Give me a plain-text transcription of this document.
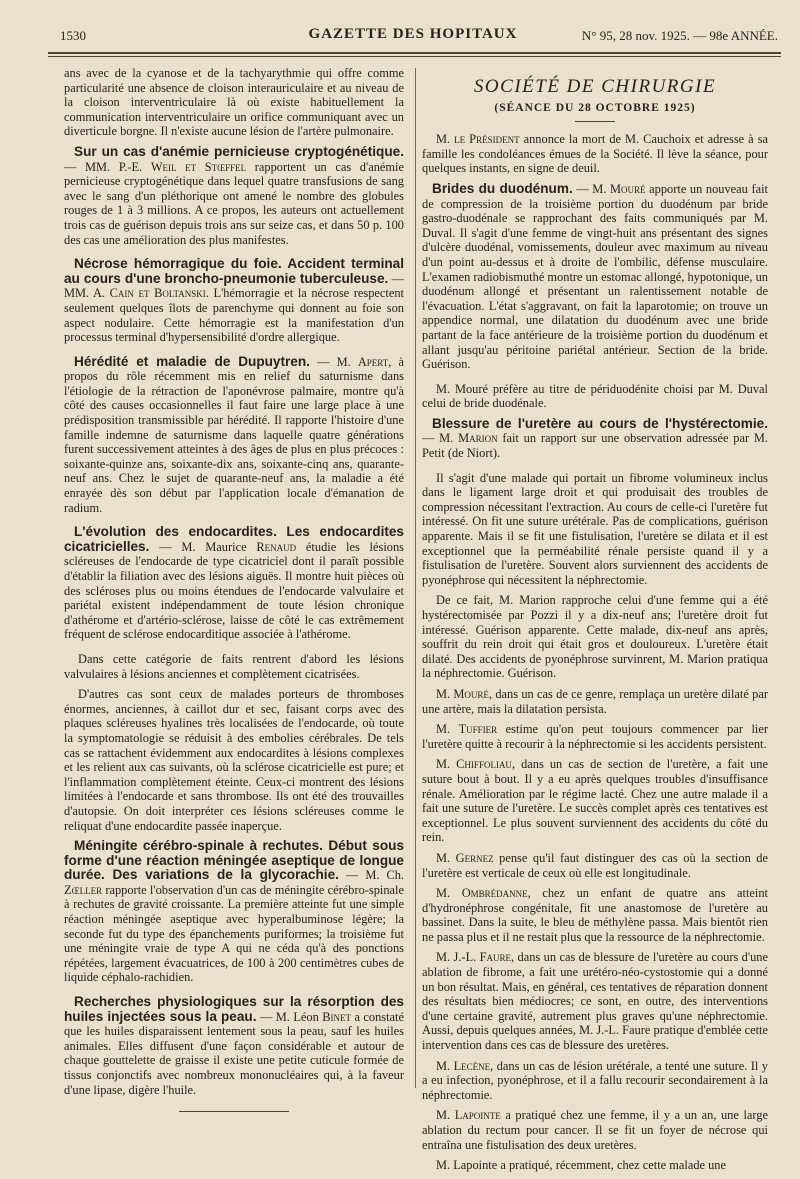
1530	GAZETTE DES HOPITAUX	N° 95, 28 nov. 1925. — 98e ANNÉE.

ans avec de la cyanose et de la tachyarythmie qui offre comme particularité une absence de cloison interauriculaire et au niveau de la cloison interventriculaire là où existe habituellement la communication interventriculaire un orifice communiquant avec un diverticule borgne. Il n'existe aucune lésion de l'artère pulmonaire.

Sur un cas d'anémie pernicieuse cryptogénétique. — MM. P.-E. Weil et Stœffel rapportent un cas d'anémie pernicieuse cryptogénétique dans lequel quatre transfusions de sang avec le sang d'un pléthorique ont amené le nombre des globules rouges de 1 à 3 millions. A ce propos, les auteurs ont actuellement trois cas de guérison depuis trois ans sur seize cas, et dans 50 p. 100 des cas une amélioration des plus manifestes.

Nécrose hémorragique du foie. Accident terminal au cours d'une broncho-pneumonie tuberculeuse. — MM. A. Cain et Boltanski. L'hémorragie et la nécrose respectent seulement quelques îlots de parenchyme qui donnent au foie son aspect nodulaire. Cette hémorragie est la manifestation d'un processus terminal d'hypersensibilité d'ordre allergique.

Hérédité et maladie de Dupuytren. — M. Apert, à propos du rôle récemment mis en relief du saturnisme dans l'étiologie de la rétraction de l'aponévrose palmaire, montre qu'à côté des causes occasionnelles il faut faire une large place à une prédisposition transmissible par hérédité. Il rapporte l'histoire d'une famille indemne de saturnisme dans laquelle quatre générations furent successivement atteintes à des âges de plus en plus précoces : soixante-quinze ans, soixante-dix ans, soixante-cinq ans, quarante-neuf ans. Chez le sujet de quarante-neuf ans, la maladie a été enrayée dès son début par l'application locale d'émanation de radium.

L'évolution des endocardites. Les endocardites cicatricielles. — M. Maurice Renaud étudie les lésions scléreuses de l'endocarde de type cicatriciel dont il paraît possible d'établir la filiation avec des lésions aiguës. Il montre huit pièces où des scléroses plus ou moins étendues de l'endocarde valvulaire et pariétal existent indépendamment de toute lésion chronique d'athérome et d'artério-sclérose, laisse de côté le cas extrêmement fréquent de sclérose endocarditique associée à l'athérome.

Dans cette catégorie de faits rentrent d'abord les lésions valvulaires à lésions anciennes et complètement cicatrisées.

D'autres cas sont ceux de malades porteurs de thromboses énormes, anciennes, à caillot dur et sec, faisant corps avec des plaques scléreuses hyalines très localisées de l'endocarde, où toute la symptomatologie se réduisit à des embolies cérébrales. De tels cas se rattachent évidemment aux endocardites à lésions complexes et les relient aux cas suivants, où la sclérose cicatricielle est pure; et l'inflammation complètement éteinte. Ceux-ci montrent des lésions limitées à l'endocarde et sans thrombose. Ils ont été des trouvailles d'autopsie. On doit interpréter ces lésions scléreuses comme le reliquat d'une endocardite passée inaperçue.

Méningite cérébro-spinale à rechutes. Début sous forme d'une réaction méningée aseptique de longue durée. Des variations de la glycorachie. — M. Ch. Zœller rapporte l'observation d'un cas de méningite cérébro-spinale à rechutes de gravité croissante. La première atteinte fut une simple réaction méningée aseptique avec hyperalbuminose légère; la seconde fut du type des épanchements puriformes; la troisième fut une méningite vraie de type A qui ne céda qu'à des ponctions répétées, largement évacuatrices, de 100 à 200 centimètres cubes de liquide céphalo-rachidien.

Recherches physiologiques sur la résorption des huiles injectées sous la peau. — M. Léon Binet a constaté que les huiles disparaissent lentement sous la peau, sauf les huiles animales. Elles diffusent d'une façon considérable et autour de chaque gouttelette de graisse il existe une petite cuticule formée de tissus conjonctifs avec nombreux mononucléaires qui, à la faveur d'une lipase, digère l'huile.

SOCIÉTÉ DE CHIRURGIE
(SÉANCE DU 28 OCTOBRE 1925)

M. le Président annonce la mort de M. Cauchoix et adresse à sa famille les condoléances émues de la Société. Il lève la séance, pour quelques instants, en signe de deuil.

Brides du duodénum. — M. Mouré apporte un nouveau fait de compression de la troisième portion du duodénum par bride gastro-duodénale se rapprochant des faits communiqués par M. Duval. Il s'agit d'une femme de vingt-huit ans présentant des signes d'ulcère duodénal, vomissements, douleur avec maximum au niveau d'un point au-dessus et à droite de l'ombilic, défense musculaire. L'examen radiobismuthé montre un estomac allongé, hypotonique, un duodénum allongé et présentant un ralentissement notable de l'évacuation. L'état s'aggravant, on fait la laparotomie; on trouve un appendice normal, une dilatation du duodénum avec une bride partant de la face antérieure de la troisième portion du duodénum et allant jusqu'au péritoine pariétal antérieur. Section de la bride. Guérison.

M. Mouré préfère au titre de périduodénite choisi par M. Duval celui de bride duodénale.

Blessure de l'uretère au cours de l'hystérectomie. — M. Marion fait un rapport sur une observation adressée par M. Petit (de Niort).

Il s'agit d'une malade qui portait un fibrome volumineux inclus dans le ligament large droit et qui produisait des troubles de compression nécessitant l'extraction. Au cours de celle-ci l'uretère fut intéressé. On fit une suture urétérale. Pas de complications, guérison apparente. Mais il se fit une fistulisation, l'uretère se dilata et il est exceptionnel que la perméabilité rénale persiste quand il y a fistulisation de l'uretère. Souvent alors surviennent des accidents de pyonéphrose qui nécessitent la néphrectomie.

De ce fait, M. Marion rapproche celui d'une femme qui a été hystérectomisée par Pozzi il y a dix-neuf ans; l'uretère droit fut intéressé. Guérison apparente. Cette malade, dix-neuf ans après, souffrit du rein droit qui était gros et douloureux. L'uretère était dilaté. Des accidents de pyonéphrose survinrent, M. Marion pratiqua la néphrectomie. Guérison.

M. Mouré, dans un cas de ce genre, remplaça un uretère dilaté par une artère, mais la dilatation persista.

M. Tuffier estime qu'on peut toujours commencer par lier l'uretère quitte à recourir à la néphrectomie si les accidents persistent.

M. Chiffoliau, dans un cas de section de l'uretère, a fait une suture bout à bout. Il y a eu après quelques troubles d'insuffisance rénale. Amélioration par le régime lacté. Chez une autre malade il a fait une suture de l'uretère. Le succès complet après ces tentatives est exceptionnel. Le plus souvent surviennent des accidents du côté du rein.

M. Gernez pense qu'il faut distinguer des cas où la section de l'uretère est verticale de ceux où elle est longitudinale.

M. Ombrédanne, chez un enfant de quatre ans atteint d'hydronéphrose congénitale, fit une anastomose de l'uretère au bassinet. Dans la suite, le bleu de méthylène passa. Mais bientôt rien ne passa plus et il ne restait plus que la ressource de la néphrectomie.

M. J.-L. Faure, dans un cas de blessure de l'uretère au cours d'une ablation de fibrome, a fait une urétéro-néo-cystostomie qui a donné un bon résultat. Mais, en général, ces tentatives de réparation donnent des résultats bien médiocres; ce sont, en outre, des interventions d'une certaine gravité, autrement plus graves qu'une néphrectomie. Aussi, depuis quelques années, M. J.-L. Faure pratique d'emblée cette intervention dans ces cas de blessure des uretères.

M. Lecène, dans un cas de lésion urétérale, a tenté une suture. Il y a eu infection, pyonéphrose, et il a fallu recourir secondairement à la néphrectomie.

M. Lapointe a pratiqué chez une femme, il y a un an, une large ablation du rectum pour cancer. Il se fit un foyer de nécrose qui entraîna une fistulisation des deux uretères.

M. Lapointe a pratiqué, récemment, chez cette malade une
